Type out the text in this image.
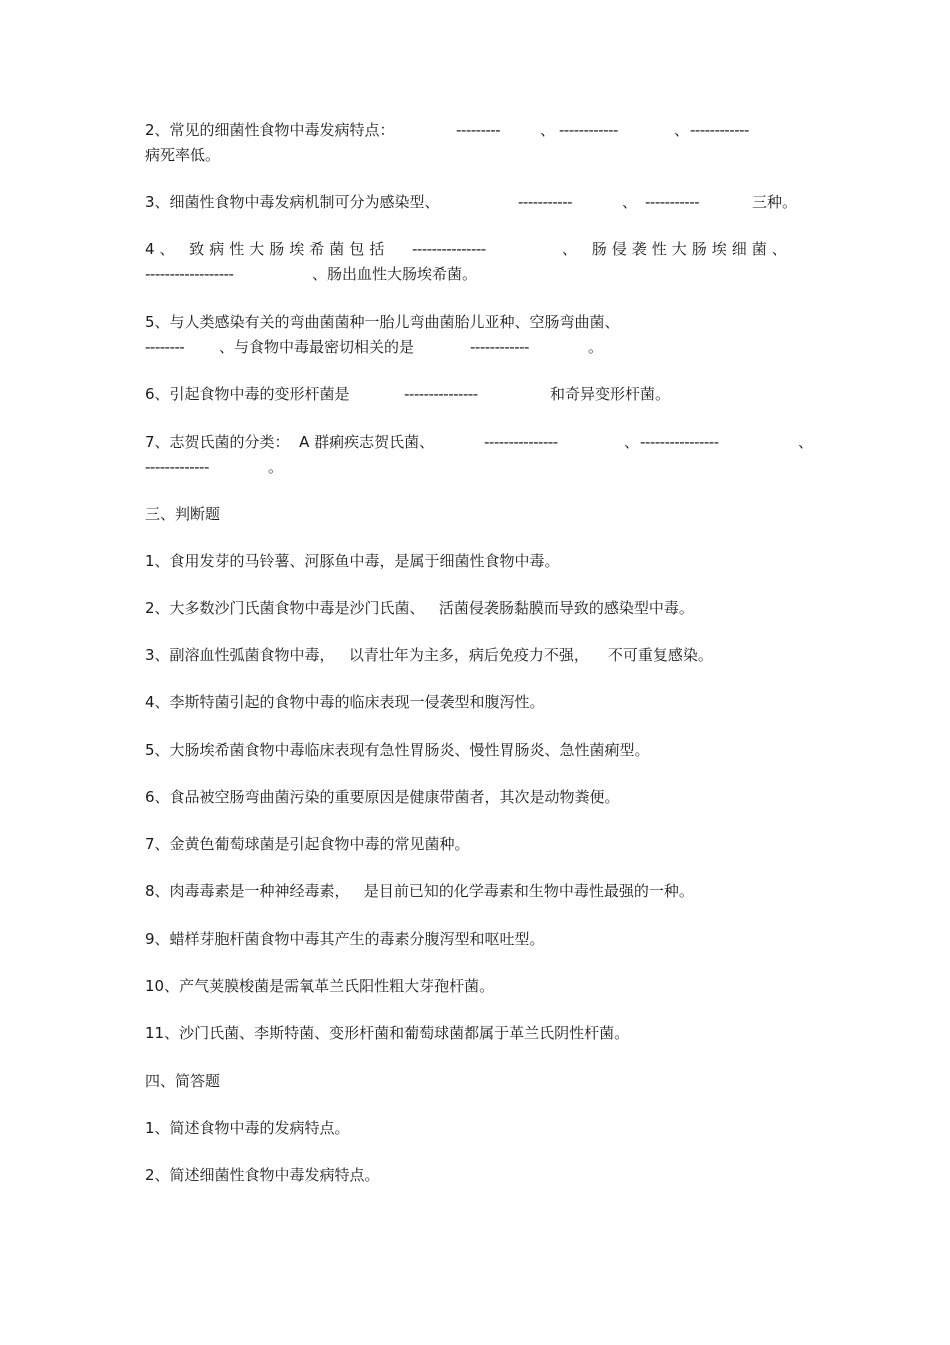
2、常见的细菌性食物中毒发病特点：	---------	、 ------------	、 ------------
病死率低。
3、细菌性食物中毒发病机制可分为感染型、	-----------	、 -----------	三种。
4、 致病性大肠埃希菌包括 ---------------	、 肠侵袭性大肠埃细菌、
------------------	、肠出血性大肠埃希菌。
5、与人类感染有关的弯曲菌菌种一胎儿弯曲菌胎儿亚种、空肠弯曲菌、
-------- 、与食物中毒最密切相关的是	------------	。
6、引起食物中毒的变形杆菌是	---------------	和奇异变形杆菌。
7、志贺氏菌的分类：  A 群痢疾志贺氏菌、	---------------	、 ----------------	、
-------------	。
三、判断题
1、食用发芽的马铃薯、河豚鱼中毒，是属于细菌性食物中毒。
2、大多数沙门氏菌食物中毒是沙门氏菌、   活菌侵袭肠黏膜而导致的感染型中毒。
3、副溶血性弧菌食物中毒，   以青壮年为主多，病后免疫力不强，    不可重复感染。
4、李斯特菌引起的食物中毒的临床表现一侵袭型和腹泻性。
5、大肠埃希菌食物中毒临床表现有急性胃肠炎、慢性胃肠炎、急性菌痢型。
6、食品被空肠弯曲菌污染的重要原因是健康带菌者，其次是动物粪便。
7、金黄色葡萄球菌是引起食物中毒的常见菌种。
8、肉毒毒素是一种神经毒素，   是目前已知的化学毒素和生物中毒性最强的一种。
9、蜡样芽胞杆菌食物中毒其产生的毒素分腹泻型和呕吐型。
10、产气荚膜梭菌是需氧革兰氏阳性粗大芽孢杆菌。
11、沙门氏菌、李斯特菌、变形杆菌和葡萄球菌都属于革兰氏阴性杆菌。
四、简答题
1、简述食物中毒的发病特点。
2、简述细菌性食物中毒发病特点。
